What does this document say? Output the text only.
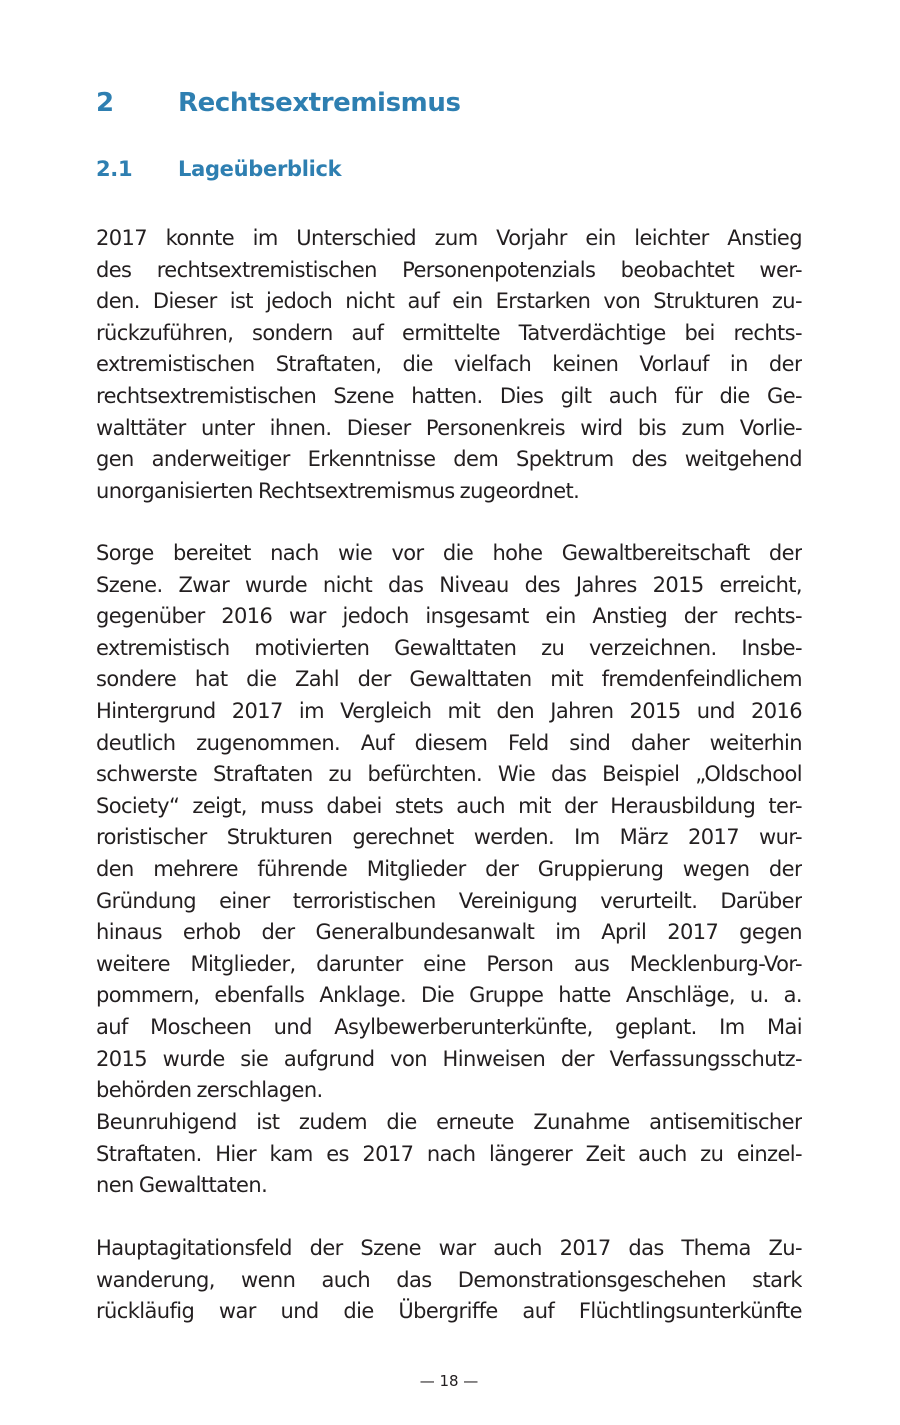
2 Rechtsextremismus
2.1 Lageüberblick

2017 konnte im Unterschied zum Vorjahr ein leichter Anstieg
des rechtsextremistischen Personenpotenzials beobachtet wer-
den. Dieser ist jedoch nicht auf ein Erstarken von Strukturen zu-
rückzuführen, sondern auf ermittelte Tatverdächtige bei rechts-
extremistischen Straftaten, die vielfach keinen Vorlauf in der
rechtsextremistischen Szene hatten. Dies gilt auch für die Ge-
walttäter unter ihnen. Dieser Personenkreis wird bis zum Vorlie-
gen anderweitiger Erkenntnisse dem Spektrum des weitgehend
unorganisierten Rechtsextremismus zugeordnet.

Sorge bereitet nach wie vor die hohe Gewaltbereitschaft der
Szene. Zwar wurde nicht das Niveau des Jahres 2015 erreicht,
gegenüber 2016 war jedoch insgesamt ein Anstieg der rechts-
extremistisch motivierten Gewalttaten zu verzeichnen. Insbe-
sondere hat die Zahl der Gewalttaten mit fremdenfeindlichem
Hintergrund 2017 im Vergleich mit den Jahren 2015 und 2016
deutlich zugenommen. Auf diesem Feld sind daher weiterhin
schwerste Straftaten zu befürchten. Wie das Beispiel „Oldschool
Society“ zeigt, muss dabei stets auch mit der Herausbildung ter-
roristischer Strukturen gerechnet werden. Im März 2017 wur-
den mehrere führende Mitglieder der Gruppierung wegen der
Gründung einer terroristischen Vereinigung verurteilt. Darüber
hinaus erhob der Generalbundesanwalt im April 2017 gegen
weitere Mitglieder, darunter eine Person aus Mecklenburg-Vor-
pommern, ebenfalls Anklage. Die Gruppe hatte Anschläge, u. a.
auf Moscheen und Asylbewerberunterkünfte, geplant. Im Mai
2015 wurde sie aufgrund von Hinweisen der Verfassungsschutz-
behörden zerschlagen.

Beunruhigend ist zudem die erneute Zunahme antisemitischer
Straftaten. Hier kam es 2017 nach längerer Zeit auch zu einzel-
nen Gewalttaten.

Hauptagitationsfeld der Szene war auch 2017 das Thema Zu-
wanderung, wenn auch das Demonstrationsgeschehen stark
rückläufig war und die Übergriffe auf Flüchtlingsunterkünfte

— 18 —
